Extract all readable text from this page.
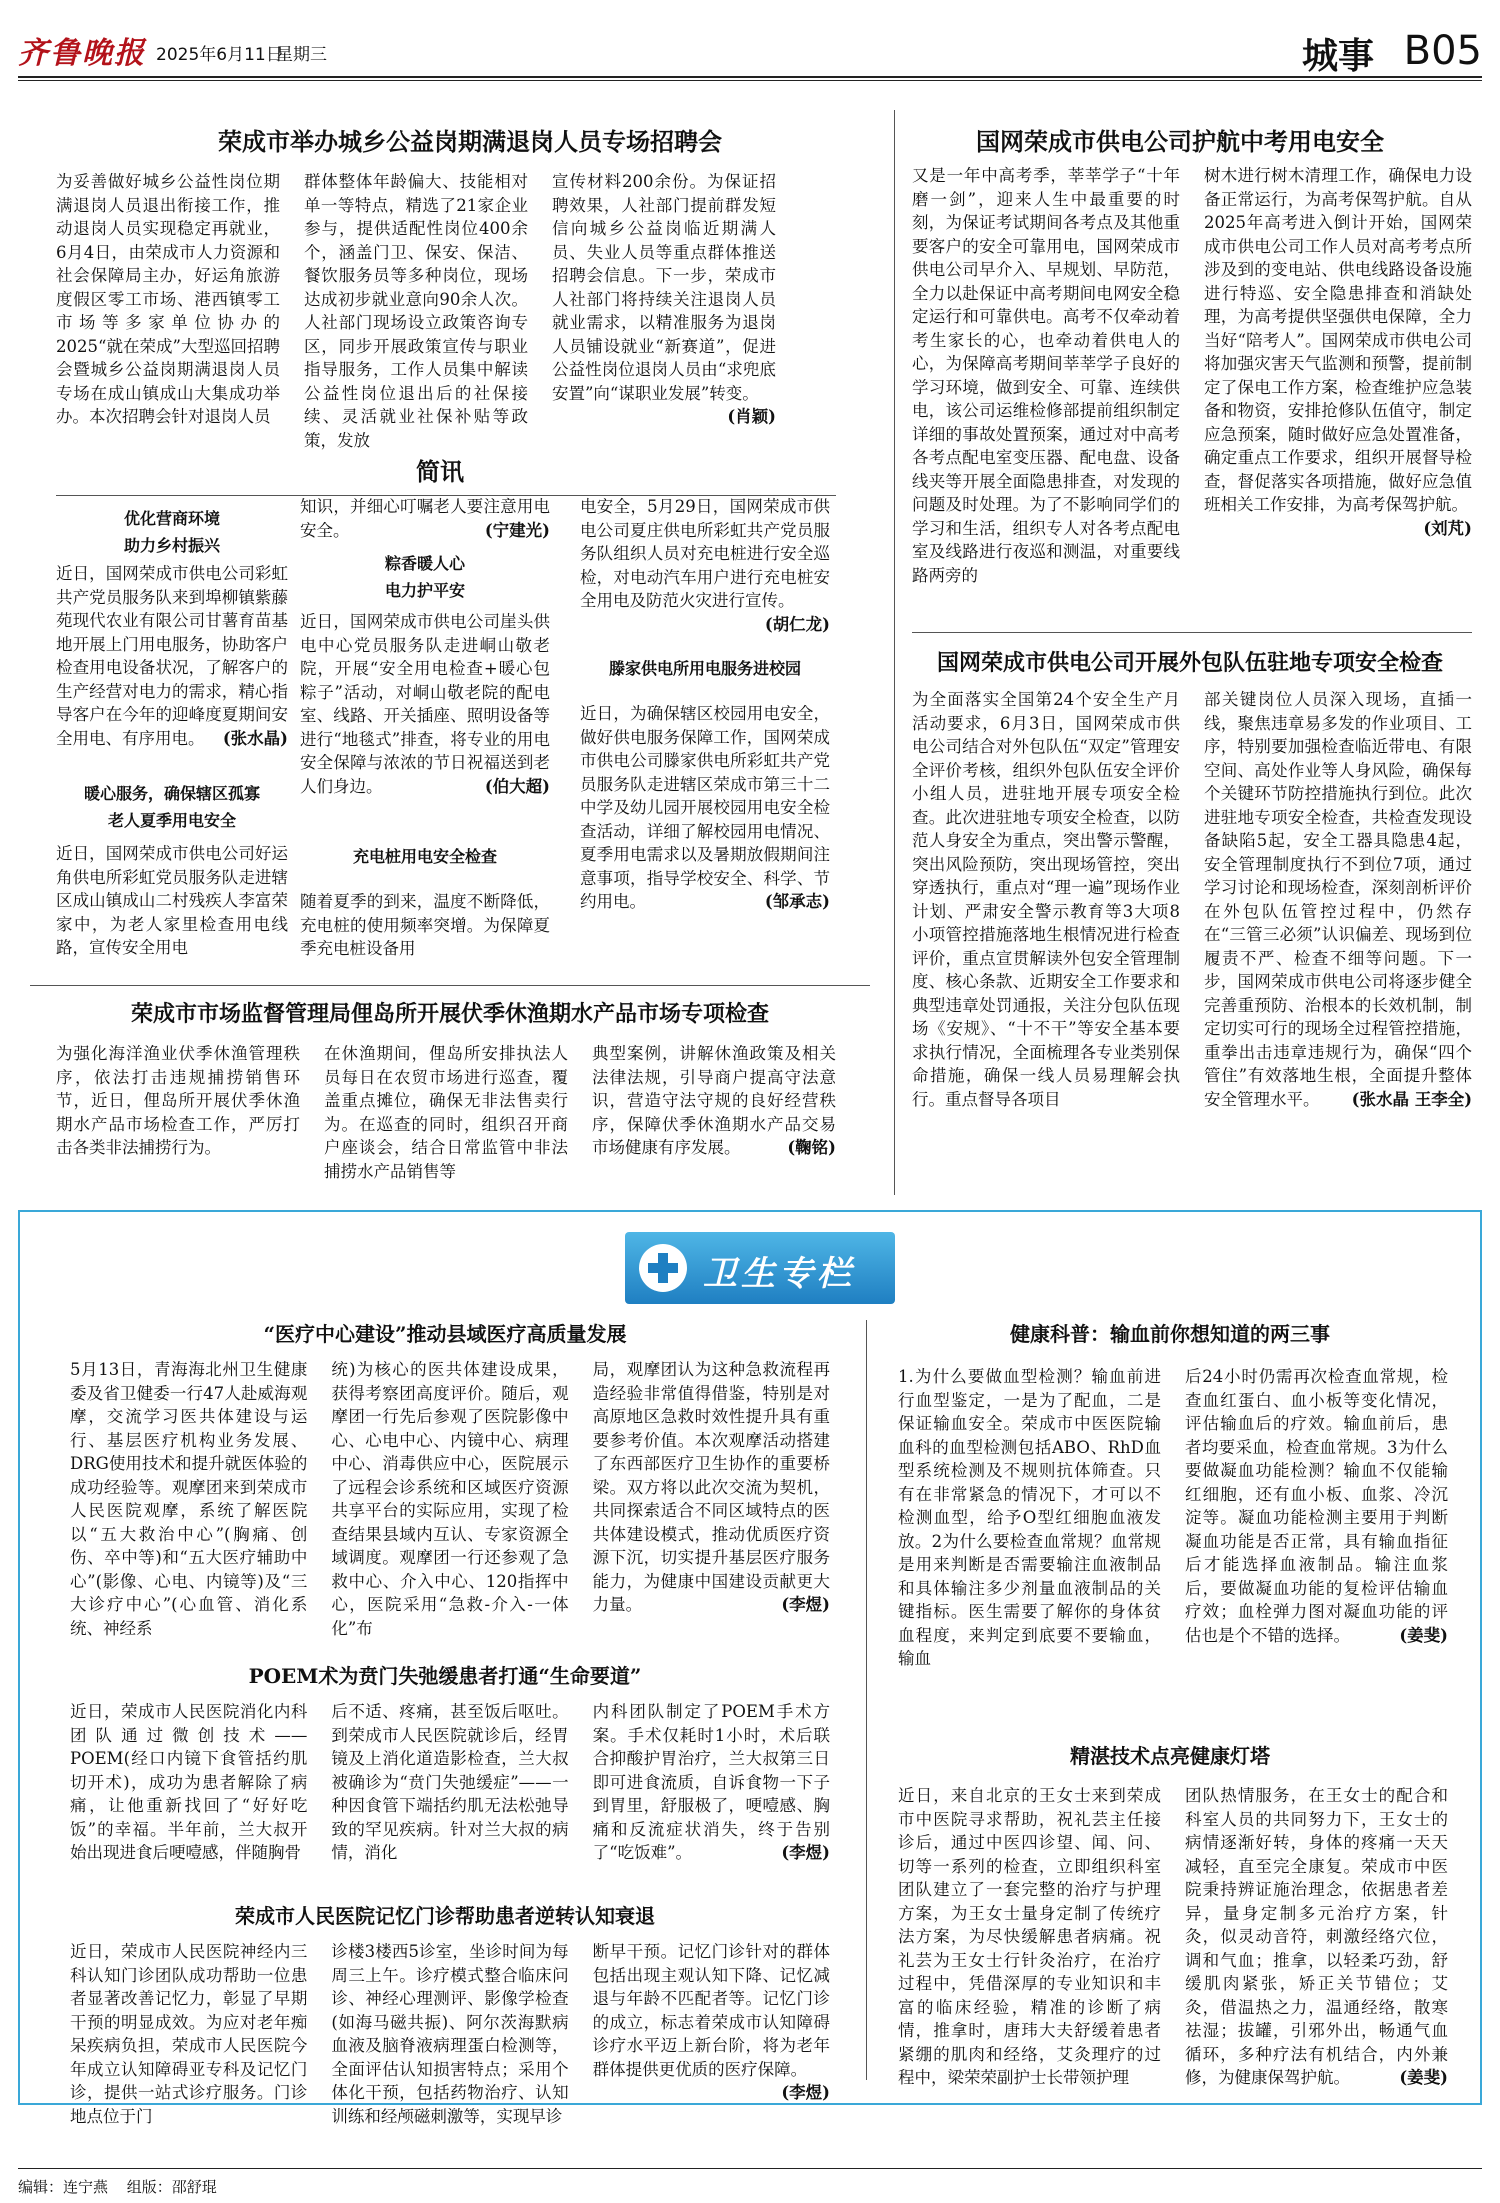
齐鲁晚报 2025年6月11日
星期三	城事 B05
荣成市举办城乡公益岗期满退岗人员专场招聘会

为妥善做好城乡公益性岗位期满退岗人员退出衔接工作，推动退岗人员实现稳定再就业，6月4日，由荣成市人力资源和社会保障局主办，好运角旅游度假区零工市场、港西镇零工市场等多家单位协办的2025“就在荣成”大型巡回招聘会暨城乡公益岗期满退岗人员专场在成山镇成山大集成功举办。本次招聘会针对退岗人员

群体整体年龄偏大、技能相对单一等特点，精选了21家企业参与，提供适配性岗位400余个，涵盖门卫、保安、保洁、餐饮服务员等多种岗位，现场达成初步就业意向90余人次。人社部门现场设立政策咨询专区，同步开展政策宣传与职业指导服务，工作人员集中解读公益性岗位退出后的社保接续、灵活就业社保补贴等政策，发放

宣传材料200余份。为保证招聘效果，人社部门提前群发短信向城乡公益岗临近期满人员、失业人员等重点群体推送招聘会信息。下一步，荣成市人社部门将持续关注退岗人员就业需求，以精准服务为退岗人员铺设就业“新赛道”，促进公益性岗位退岗人员由“求兜底安置”向“谋职业发展”转变。
(肖颖)

简讯
优化营商环境
助力乡村振兴
近日，国网荣成市供电公司彩虹共产党员服务队来到埠柳镇紫藤苑现代农业有限公司甘薯育苗基地开展上门用电服务，协助客户检查用电设备状况，了解客户的生产经营对电力的需求，精心指导客户在今年的迎峰度夏期间安全用电、有序用电。 (张水晶)
暖心服务，确保辖区孤寡
老人夏季用电安全
近日，国网荣成市供电公司好运角供电所彩虹党员服务队走进辖区成山镇成山二村残疾人李富荣家中，为老人家里检查用电线路，宣传安全用电
知识，并细心叮嘱老人要注意用电安全。	(宁建光)
粽香暖人心
电力护平安
近日，国网荣成市供电公司崖头供电中心党员服务队走进峒山敬老院，开展“安全用电检查+暖心包粽子”活动，对峒山敬老院的配电室、线路、开关插座、照明设备等进行“地毯式”排查，将专业的用电安全保障与浓浓的节日祝福送到老人们身边。	(伯大超)
充电桩用电安全检查
随着夏季的到来，温度不断降低，充电桩的使用频率突增。为保障夏季充电桩设备用
电安全，5月29日，国网荣成市供电公司夏庄供电所彩虹共产党员服务队组织人员对充电桩进行安全巡检，对电动汽车用户进行充电桩安全用电及防范火灾进行宣传。
(胡仁龙)
滕家供电所用电服务进校园
近日，为确保辖区校园用电安全，做好供电服务保障工作，国网荣成市供电公司滕家供电所彩虹共产党员服务队走进辖区荣成市第三十二中学及幼儿园开展校园用电安全检查活动，详细了解校园用电情况、夏季用电需求以及暑期放假期间注意事项，指导学校安全、科学、节约用电。	(邹承志)
荣成市市场监督管理局俚岛所开展伏季休渔期水产品市场专项检查

为强化海洋渔业伏季休渔管理秩序，依法打击违规捕捞销售环节，近日，俚岛所开展伏季休渔期水产品市场检查工作，严厉打击各类非法捕捞行为。

在休渔期间，俚岛所安排执法人员每日在农贸市场进行巡查，覆盖重点摊位，确保无非法售卖行为。在巡查的同时，组织召开商户座谈会，结合日常监管中非法捕捞水产品销售等

典型案例，讲解休渔政策及相关法律法规，引导商户提高守法意识，营造守法守规的良好经营秩序，保障伏季休渔期水产品交易市场健康有序发展。	(鞠铭)

国网荣成市供电公司护航中考用电安全

又是一年中高考季，莘莘学子“十年磨一剑”，迎来人生中最重要的时刻，为保证考试期间各考点及其他重要客户的安全可靠用电，国网荣成市供电公司早介入、早规划、早防范，全力以赴保证中高考期间电网安全稳定运行和可靠供电。高考不仅牵动着考生家长的心，也牵动着供电人的心，为保障高考期间莘莘学子良好的学习环境，做到安全、可靠、连续供电，该公司运维检修部提前组织制定详细的事故处置预案，通过对中高考各考点配电室变压器、配电盘、设备线夹等开展全面隐患排查，对发现的问题及时处理。为了不影响同学们的学习和生活，组织专人对各考点配电室及线路进行夜巡和测温，对重要线路两旁的

树木进行树木清理工作，确保电力设备正常运行，为高考保驾护航。自从2025年高考进入倒计开始，国网荣成市供电公司工作人员对高考考点所涉及到的变电站、供电线路设备设施进行特巡、安全隐患排查和消缺处理，为高考提供坚强供电保障，全力当好“陪考人”。国网荣成市供电公司将加强灾害天气监测和预警，提前制定了保电工作方案，检查维护应急装备和物资，安排抢修队伍值守，制定应急预案，随时做好应急处置准备，确定重点工作要求，组织开展督导检查，督促落实各项措施，做好应急值班相关工作安排，为高考保驾护航。
(刘芃)

国网荣成市供电公司开展外包队伍驻地专项安全检查

为全面落实全国第24个安全生产月活动要求，6月3日，国网荣成市供电公司结合对外包队伍“双定”管理安全评价考核，组织外包队伍安全评价小组人员，进驻地开展专项安全检查。此次进驻地专项安全检查，以防范人身安全为重点，突出警示警醒，突出风险预防，突出现场管控，突出穿透执行，重点对“理一遍”现场作业计划、严肃安全警示教育等3大项8小项管控措施落地生根情况进行检查评价，重点宣贯解读外包安全管理制度、核心条款、近期安全工作要求和典型违章处罚通报，关注分包队伍现场《安规》、“十不干”等安全基本要求执行情况，全面梳理各专业类别保命措施，确保一线人员易理解会执行。重点督导各项目

部关键岗位人员深入现场，直插一线，聚焦违章易多发的作业项目、工序，特别要加强检查临近带电、有限空间、高处作业等人身风险，确保每个关键环节防控措施执行到位。此次进驻地专项安全检查，共检查发现设备缺陷5起，安全工器具隐患4起，安全管理制度执行不到位7项，通过学习讨论和现场检查，深刻剖析评价在外包队伍管控过程中，仍然存在“三管三必须”认识偏差、现场到位履责不严、检查不细等问题。下一步，国网荣成市供电公司将逐步健全完善重预防、治根本的长效机制，制定切实可行的现场全过程管控措施，重拳出击违章违规行为，确保“四个管住”有效落地生根，全面提升整体安全管理水平。 (张水晶 王李全)

卫生专栏
“医疗中心建设”推动县域医疗高质量发展

5月13日，青海海北州卫生健康委及省卫健委一行47人赴威海观摩，交流学习医共体建设与运行、基层医疗机构业务发展、DRG使用技术和提升就医体验的成功经验等。观摩团来到荣成市人民医院观摩，系统了解医院以“五大救治中心”(胸痛、创伤、卒中等)和“五大医疗辅助中心”(影像、心电、内镜等)及“三大诊疗中心”(心血管、消化系统、神经系

统)为核心的医共体建设成果，获得考察团高度评价。随后，观摩团一行先后参观了医院影像中心、心电中心、内镜中心、病理中心、消毒供应中心，医院展示了远程会诊系统和区域医疗资源共享平台的实际应用，实现了检查结果县域内互认、专家资源全域调度。观摩团一行还参观了急救中心、介入中心、120指挥中心，医院采用“急救-介入-一体化”布

局，观摩团认为这种急救流程再造经验非常值得借鉴，特别是对高原地区急救时效性提升具有重要参考价值。本次观摩活动搭建了东西部医疗卫生协作的重要桥梁。双方将以此次交流为契机，共同探索适合不同区域特点的医共体建设模式，推动优质医疗资源下沉，切实提升基层医疗服务能力，为健康中国建设贡献更大力量。	(李煜)

POEM术为贲门失弛缓患者打通“生命要道”

近日，荣成市人民医院消化内科团队通过微创技术——POEM(经口内镜下食管括约肌切开术)，成功为患者解除了病痛，让他重新找回了“好好吃饭”的幸福。半年前，兰大叔开始出现进食后哽噎感，伴随胸骨

后不适、疼痛，甚至饭后呕吐。到荣成市人民医院就诊后，经胃镜及上消化道造影检查，兰大叔被确诊为“贲门失弛缓症”——一种因食管下端括约肌无法松弛导致的罕见疾病。针对兰大叔的病情，消化

内科团队制定了POEM手术方案。手术仅耗时1小时，术后联合抑酸护胃治疗，兰大叔第三日即可进食流质，自诉食物一下子到胃里，舒服极了，哽噎感、胸痛和反流症状消失，终于告别了“吃饭难”。	(李煜)

荣成市人民医院记忆门诊帮助患者逆转认知衰退

近日，荣成市人民医院神经内三科认知门诊团队成功帮助一位患者显著改善记忆力，彰显了早期干预的明显成效。为应对老年痴呆疾病负担，荣成市人民医院今年成立认知障碍亚专科及记忆门诊，提供一站式诊疗服务。门诊地点位于门

诊楼3楼西5诊室，坐诊时间为每周三上午。诊疗模式整合临床问诊、神经心理测评、影像学检查(如海马磁共振)、阿尔茨海默病血液及脑脊液病理蛋白检测等，全面评估认知损害特点；采用个体化干预，包括药物治疗、认知训练和经颅磁刺激等，实现早诊

断早干预。记忆门诊针对的群体包括出现主观认知下降、记忆减退与年龄不匹配者等。记忆门诊的成立，标志着荣成市认知障碍诊疗水平迈上新台阶，将为老年群体提供更优质的医疗保障。
(李煜)

健康科普：输血前你想知道的两三事

1.为什么要做血型检测？输血前进行血型鉴定，一是为了配血，二是保证输血安全。荣成市中医医院输血科的血型检测包括ABO、RhD血型系统检测及不规则抗体筛查。只有在非常紧急的情况下，才可以不检测血型，给予O型红细胞血液发放。2为什么要检查血常规？血常规是用来判断是否需要输注血液制品和具体输注多少剂量血液制品的关键指标。医生需要了解你的身体贫血程度，来判定到底要不要输血，输血

后24小时仍需再次检查血常规，检查血红蛋白、血小板等变化情况，评估输血后的疗效。输血前后，患者均要采血，检查血常规。3为什么要做凝血功能检测？输血不仅能输红细胞，还有血小板、血浆、冷沉淀等。凝血功能检测主要用于判断凝血功能是否正常，具有输血指征后才能选择血液制品。输注血浆后，要做凝血功能的复检评估输血疗效；血栓弹力图对凝血功能的评估也是个不错的选择。	(姜斐)

精湛技术点亮健康灯塔

近日，来自北京的王女士来到荣成市中医院寻求帮助，祝礼芸主任接诊后，通过中医四诊望、闻、问、切等一系列的检查，立即组织科室团队建立了一套完整的治疗与护理方案，为王女士量身定制了传统疗法方案，为尽快缓解患者病痛。祝礼芸为王女士行针灸治疗，在治疗过程中，凭借深厚的专业知识和丰富的临床经验，精准的诊断了病情，推拿时，唐玮大夫舒缓着患者紧绷的肌肉和经络，艾灸理疗的过程中，梁荣荣副护士长带领护理

团队热情服务，在王女士的配合和科室人员的共同努力下，王女士的病情逐渐好转，身体的疼痛一天天减轻，直至完全康复。荣成市中医院秉持辨证施治理念，依据患者差异，量身定制多元治疗方案，针灸，似灵动音符，刺激经络穴位，调和气血；推拿，以轻柔巧劲，舒缓肌肉紧张，矫正关节错位；艾灸，借温热之力，温通经络，散寒祛湿；拔罐，引邪外出，畅通气血循环，多种疗法有机结合，内外兼修，为健康保驾护航。	(姜斐)

编辑：连宁燕 组版：邵舒琨
